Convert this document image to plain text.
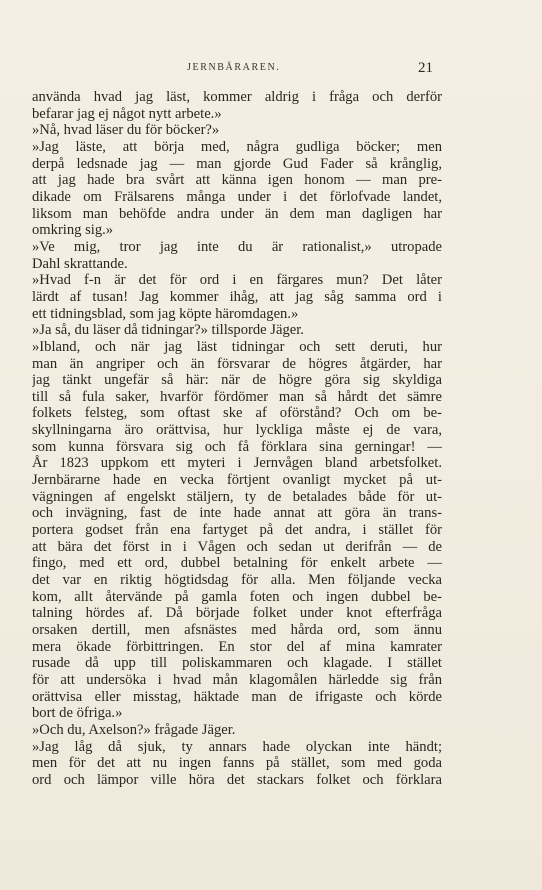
JERNBÄRAREN.	21
använda hvad jag läst, kommer aldrig i fråga och derför
befarar jag ej något nytt arbete.»
»Nå, hvad läser du för böcker?»
»Jag läste, att börja med, några gudliga böcker; men
derpå ledsnade jag — man gjorde Gud Fader så krånglig,
att jag hade bra svårt att känna igen honom — man pre-
dikade om Frälsarens många under i det förlofvade landet,
liksom man behöfde andra under än dem man dagligen har
omkring sig.»
»Ve mig, tror jag inte du är rationalist,» utropade
Dahl skrattande.
»Hvad f-n är det för ord i en färgares mun? Det låter
lärdt af tusan! Jag kommer ihåg, att jag såg samma ord i
ett tidningsblad, som jag köpte häromdagen.»
»Ja så, du läser då tidningar?» tillsporde Jäger.
»Ibland, och när jag läst tidningar och sett deruti, hur
man än angriper och än försvarar de högres åtgärder, har
jag tänkt ungefär så här: när de högre göra sig skyldiga
till så fula saker, hvarför fördömer man så hårdt det sämre
folkets felsteg, som oftast ske af oförstånd? Och om be-
skyllningarna äro orättvisa, hur lyckliga måste ej de vara,
som kunna försvara sig och få förklara sina gerningar! —
År 1823 uppkom ett myteri i Jernvågen bland arbetsfolket.
Jernbärarne hade en vecka förtjent ovanligt mycket på ut-
vägningen af engelskt stäljern, ty de betalades både för ut-
och invägning, fast de inte hade annat att göra än trans-
portera godset från ena fartyget på det andra, i stället för
att bära det först in i Vågen och sedan ut derifrån — de
fingo, med ett ord, dubbel betalning för enkelt arbete —
det var en riktig högtidsdag för alla. Men följande vecka
kom, allt återvände på gamla foten och ingen dubbel be-
talning hördes af. Då började folket under knot efterfråga
orsaken dertill, men afsnästes med hårda ord, som ännu
mera ökade förbittringen. En stor del af mina kamrater
rusade då upp till poliskammaren och klagade. I stället
för att undersöka i hvad mån klagomålen härledde sig från
orättvisa eller misstag, häktade man de ifrigaste och körde
bort de öfriga.»
»Och du, Axelson?» frågade Jäger.
»Jag låg då sjuk, ty annars hade olyckan inte händt;
men för det att nu ingen fanns på stället, som med goda
ord och lämpor ville höra det stackars folket och förklara
